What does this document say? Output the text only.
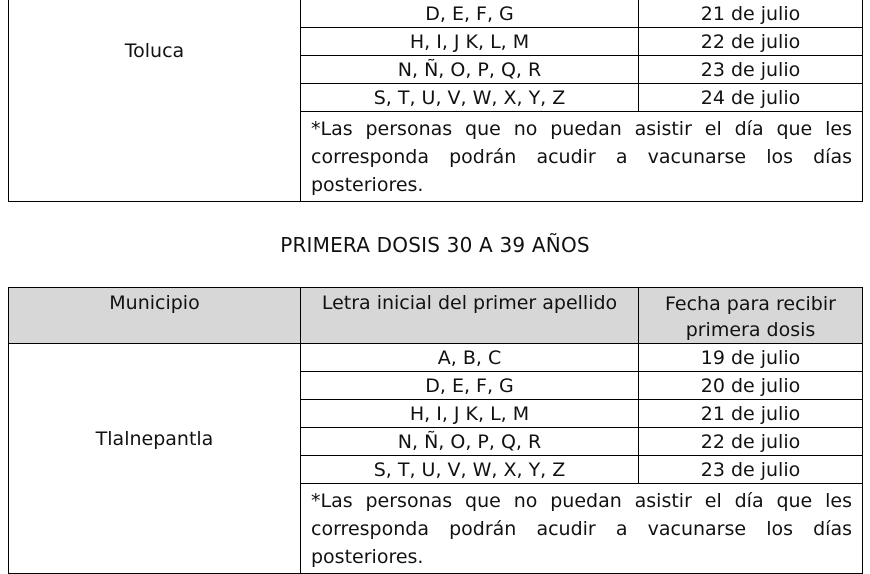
Toluca	D, E, F, G	21 de julio
	H, I, J K, L, M	22 de julio
	N, Ñ, O, P, Q, R	23 de julio
	S, T, U, V, W, X, Y, Z	24 de julio
	*Las personas que no puedan asistir el día que les corresponda podrán acudir a vacunarse los días posteriores.	
PRIMERA DOSIS 30 A 39 AÑOS
Municipio	Letra inicial del primer apellido	Fecha para recibir primera dosis
Tlalnepantla	A, B, C	19 de julio
	D, E, F, G	20 de julio
	H, I, J K, L, M	21 de julio
	N, Ñ, O, P, Q, R	22 de julio
	S, T, U, V, W, X, Y, Z	23 de julio
	*Las personas que no puedan asistir el día que les corresponda podrán acudir a vacunarse los días posteriores.	
